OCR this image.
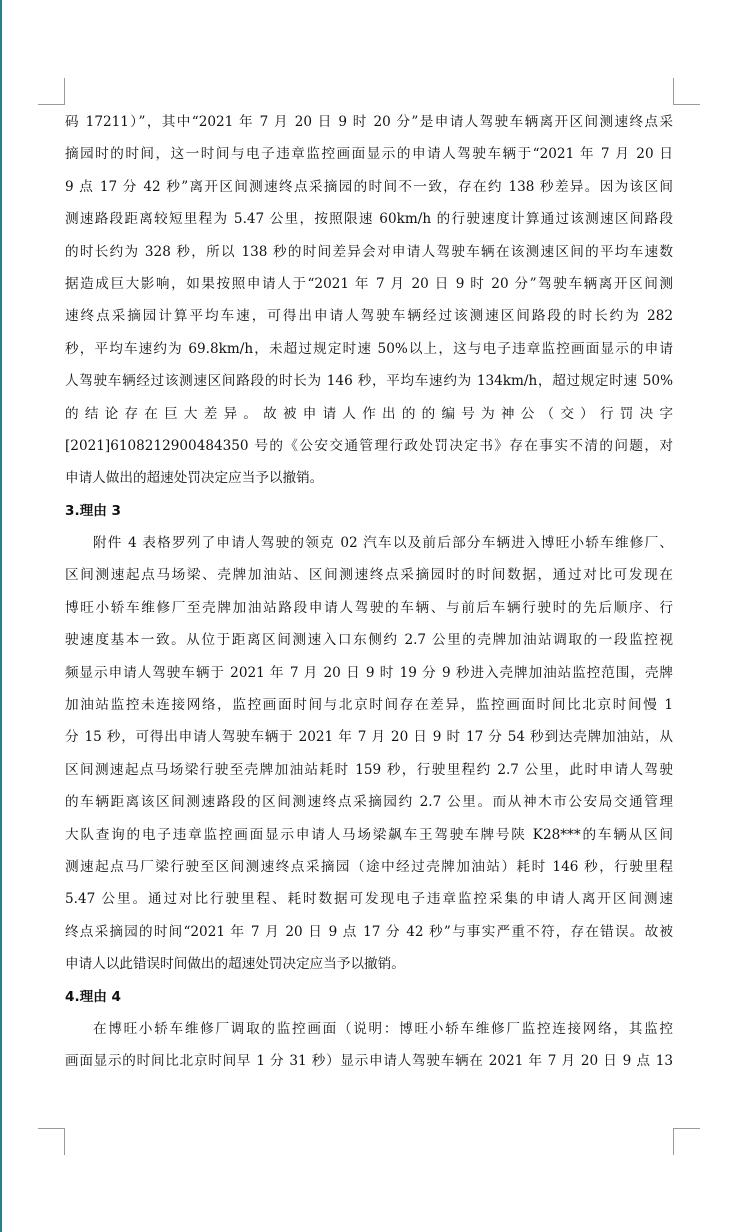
码 17211）”，其中“2021 年 7 月 20 日 9 时 20 分”是申请人驾驶车辆离开区间测速终点采
摘园时的时间，这一时间与电子违章监控画面显示的申请人驾驶车辆于“2021 年 7 月 20 日
9 点 17 分 42 秒”离开区间测速终点采摘园的时间不一致，存在约 138 秒差异。因为该区间
测速路段距离较短里程为 5.47 公里，按照限速 60km/h 的行驶速度计算通过该测速区间路段
的时长约为 328 秒，所以 138 秒的时间差异会对申请人驾驶车辆在该测速区间的平均车速数
据造成巨大影响，如果按照申请人于“2021 年 7 月 20 日 9 时 20 分”驾驶车辆离开区间测
速终点采摘园计算平均车速，可得出申请人驾驶车辆经过该测速区间路段的时长约为 282
秒，平均车速约为 69.8km/h，未超过规定时速 50%以上，这与电子违章监控画面显示的申请
人驾驶车辆经过该测速区间路段的时长为 146 秒，平均车速约为 134km/h，超过规定时速 50%
的结论存在巨大差异。故被申请人作出的的编号为神公（交）行罚决字
[2021]6108212900484350 号的《公安交通管理行政处罚决定书》存在事实不清的问题，对
申请人做出的超速处罚决定应当予以撤销。
3.理由 3
附件 4 表格罗列了申请人驾驶的领克 02 汽车以及前后部分车辆进入博旺小轿车维修厂、
区间测速起点马场梁、壳牌加油站、区间测速终点采摘园时的时间数据，通过对比可发现在
博旺小轿车维修厂至壳牌加油站路段申请人驾驶的车辆、与前后车辆行驶时的先后顺序、行
驶速度基本一致。从位于距离区间测速入口东侧约 2.7 公里的壳牌加油站调取的一段监控视
频显示申请人驾驶车辆于 2021 年 7 月 20 日 9 时 19 分 9 秒进入壳牌加油站监控范围，壳牌
加油站监控未连接网络，监控画面时间与北京时间存在差异，监控画面时间比北京时间慢 1
分 15 秒，可得出申请人驾驶车辆于 2021 年 7 月 20 日 9 时 17 分 54 秒到达壳牌加油站，从
区间测速起点马场梁行驶至壳牌加油站耗时 159 秒，行驶里程约 2.7 公里，此时申请人驾驶
的车辆距离该区间测速路段的区间测速终点采摘园约 2.7 公里。而从神木市公安局交通管理
大队查询的电子违章监控画面显示申请人马场梁飙车王驾驶车牌号陕 K28***的车辆从区间
测速起点马厂梁行驶至区间测速终点采摘园（途中经过壳牌加油站）耗时 146 秒，行驶里程
5.47 公里。通过对比行驶里程、耗时数据可发现电子违章监控采集的申请人离开区间测速
终点采摘园的时间“2021 年 7 月 20 日 9 点 17 分 42 秒”与事实严重不符，存在错误。故被
申请人以此错误时间做出的超速处罚决定应当予以撤销。
4.理由 4
在博旺小轿车维修厂调取的监控画面（说明：博旺小轿车维修厂监控连接网络，其监控
画面显示的时间比北京时间早 1 分 31 秒）显示申请人驾驶车辆在 2021 年 7 月 20 日 9 点 13
